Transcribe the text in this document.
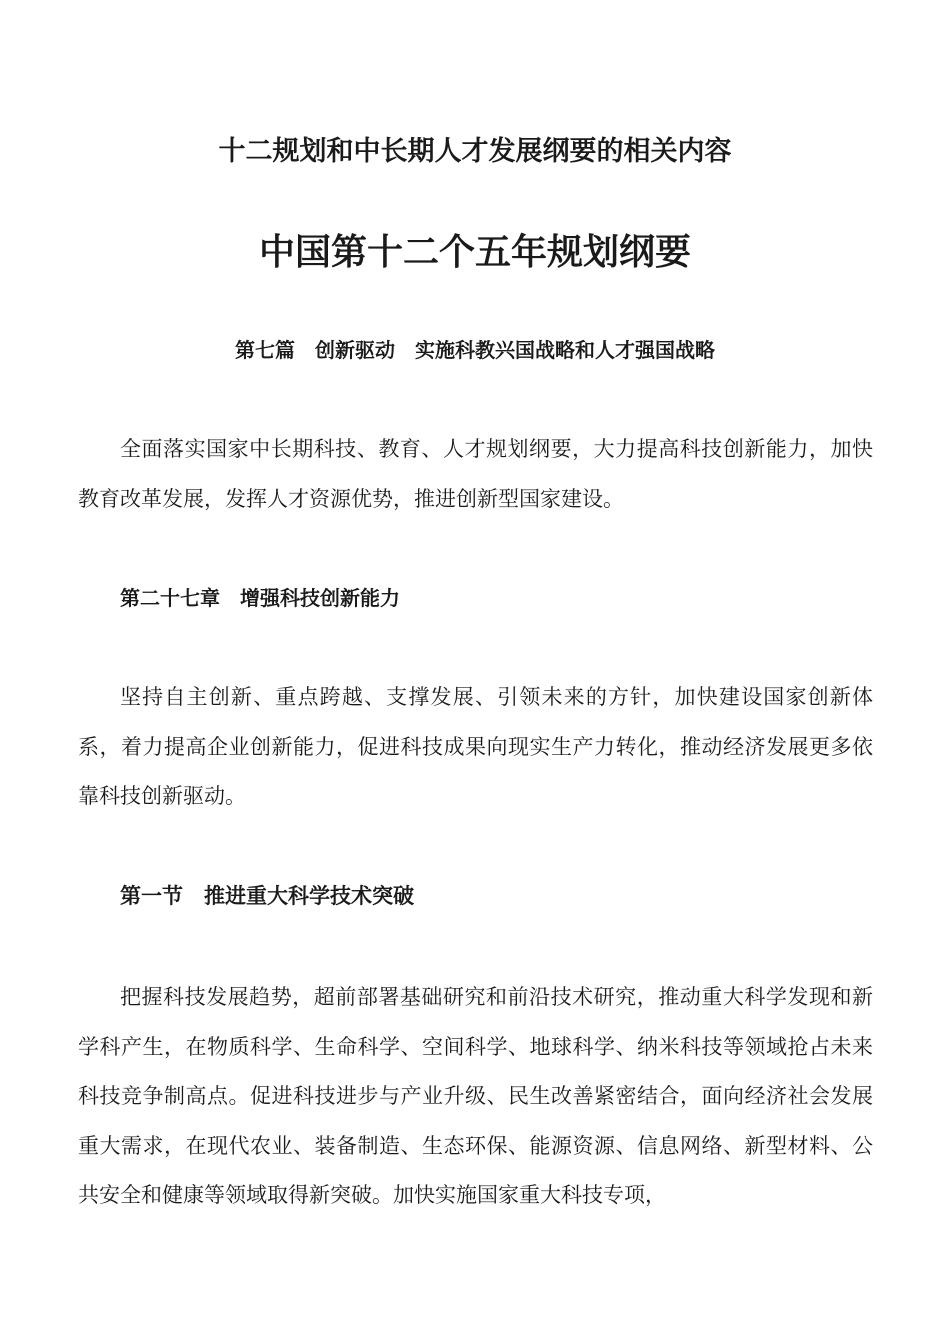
十二规划和中长期人才发展纲要的相关内容
中国第十二个五年规划纲要
第七篇　创新驱动　实施科教兴国战略和人才强国战略

全面落实国家中长期科技、教育、人才规划纲要，大力提高科技创新能力，加快教育改革发展，发挥人才资源优势，推进创新型国家建设。

第二十七章　增强科技创新能力

坚持自主创新、重点跨越、支撑发展、引领未来的方针，加快建设国家创新体系，着力提高企业创新能力，促进科技成果向现实生产力转化，推动经济发展更多依靠科技创新驱动。

第一节　推进重大科学技术突破

把握科技发展趋势，超前部署基础研究和前沿技术研究，推动重大科学发现和新学科产生，在物质科学、生命科学、空间科学、地球科学、纳米科技等领域抢占未来科技竞争制高点。促进科技进步与产业升级、民生改善紧密结合，面向经济社会发展重大需求，在现代农业、装备制造、生态环保、能源资源、信息网络、新型材料、公共安全和健康等领域取得新突破。加快实施国家重大科技专项，
